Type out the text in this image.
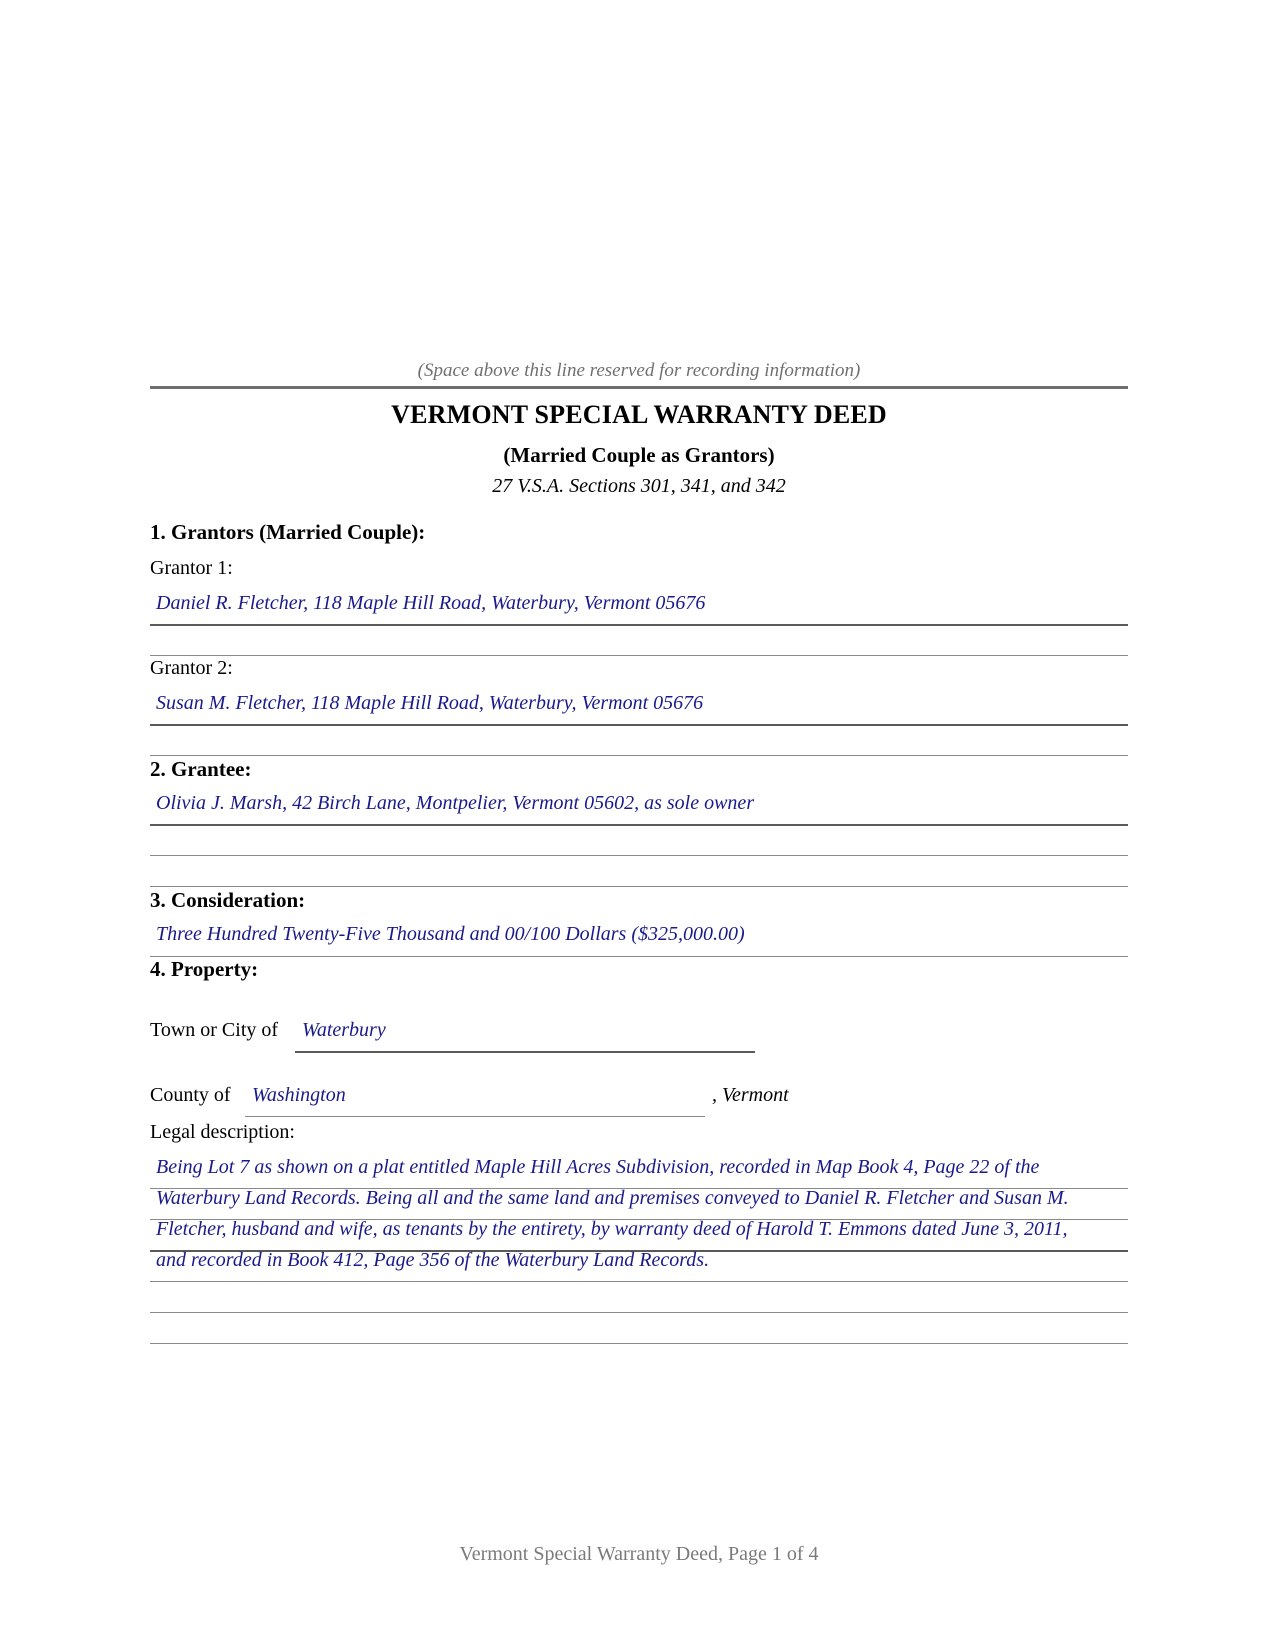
(Space above this line reserved for recording information)
VERMONT SPECIAL WARRANTY DEED
(Married Couple as Grantors)
27 V.S.A. Sections 301, 341, and 342
1. Grantors (Married Couple):
Grantor 1:
Daniel R. Fletcher, 118 Maple Hill Road, Waterbury, Vermont 05676
Grantor 2:
Susan M. Fletcher, 118 Maple Hill Road, Waterbury, Vermont 05676
2. Grantee:
Olivia J. Marsh, 42 Birch Lane, Montpelier, Vermont 05602, as sole owner
3. Consideration:
Three Hundred Twenty-Five Thousand and 00/100 Dollars ($325,000.00)
4. Property:
Town or City of Waterbury
County of Washington	, Vermont
Legal description:
Being Lot 7 as shown on a plat entitled Maple Hill Acres Subdivision, recorded in Map Book 4, Page 22 of the
Waterbury Land Records. Being all and the same land and premises conveyed to Daniel R. Fletcher and Susan M.
Fletcher, husband and wife, as tenants by the entirety, by warranty deed of Harold T. Emmons dated June 3, 2011,
and recorded in Book 412, Page 356 of the Waterbury Land Records.
Vermont Special Warranty Deed, Page 1 of 4
